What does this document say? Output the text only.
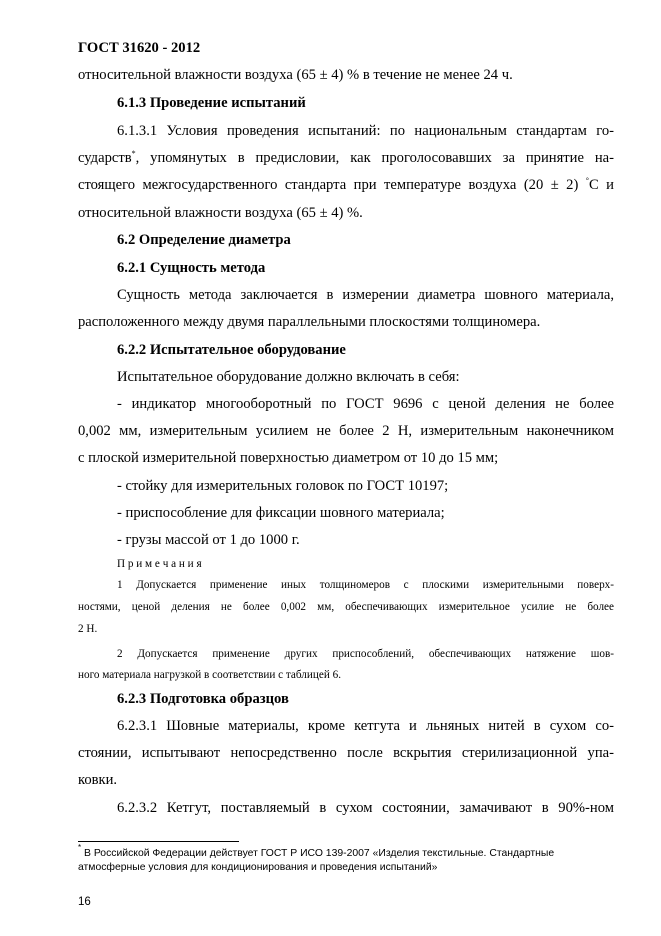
ГОСТ 31620 - 2012
относительной влажности воздуха (65 ± 4) % в течение не менее 24 ч.
6.1.3 Проведение испытаний
6.1.3.1 Условия проведения испытаний: по национальным стандартам го-
сударств*, упомянутых в предисловии, как проголосовавших за принятие на-
стоящего межгосударственного стандарта при температуре воздуха (20 ± 2) °С и
относительной влажности воздуха (65 ± 4) %.
6.2 Определение диаметра
6.2.1 Сущность метода
Сущность метода заключается в измерении диаметра шовного материала,
расположенного между двумя параллельными плоскостями толщиномера.
6.2.2 Испытательное оборудование
Испытательное оборудование должно включать в себя:
- индикатор многооборотный по ГОСТ 9696 с ценой деления не более
0,002 мм, измерительным усилием не более 2 Н, измерительным наконечником
с плоской измерительной поверхностью диаметром от 10 до 15 мм;
- стойку для измерительных головок по ГОСТ 10197;
- приспособление для фиксации шовного материала;
- грузы массой от 1 до 1000 г.
П р и м е ч а н и я
1 Допускается применение иных толщиномеров с плоскими измерительными поверх-
ностями, ценой деления не более 0,002 мм, обеспечивающих измерительное усилие не более
2 Н.
2 Допускается применение других приспособлений, обеспечивающих натяжение шов-
ного материала нагрузкой в соответствии с таблицей 6.
6.2.3 Подготовка образцов
6.2.3.1 Шовные материалы, кроме кетгута и льняных нитей в сухом со-
стоянии, испытывают непосредственно после вскрытия стерилизационной упа-
ковки.
6.2.3.2 Кетгут, поставляемый в сухом состоянии, замачивают в 90%-ном
* В Российской Федерации действует ГОСТ Р ИСО 139-2007 «Изделия текстильные. Стандартные
атмосферные условия для кондиционирования и проведения испытаний»
16
